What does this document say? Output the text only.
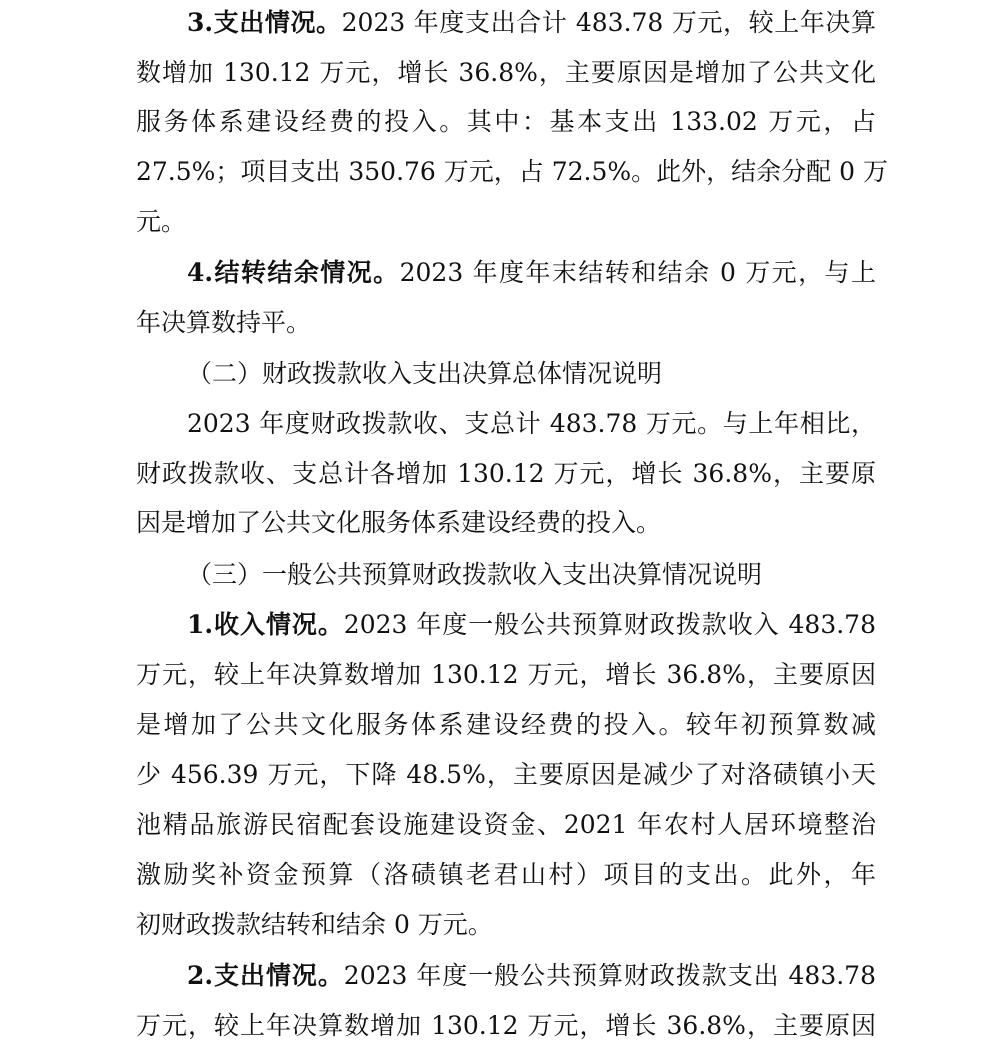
3.支出情况。2023 年度支出合计 483.78 万元，较上年决算
数增加 130.12 万元，增长 36.8%，主要原因是增加了公共文化
服务体系建设经费的投入。其中：基本支出 133.02 万元，占
27.5%；项目支出 350.76 万元，占 72.5%。此外，结余分配 0 万
元。
4.结转结余情况。2023 年度年末结转和结余 0 万元，与上
年决算数持平。
（二）财政拨款收入支出决算总体情况说明
2023 年度财政拨款收、支总计 483.78 万元。与上年相比，
财政拨款收、支总计各增加 130.12 万元，增长 36.8%，主要原
因是增加了公共文化服务体系建设经费的投入。
（三）一般公共预算财政拨款收入支出决算情况说明
1.收入情况。2023 年度一般公共预算财政拨款收入 483.78
万元，较上年决算数增加 130.12 万元，增长 36.8%，主要原因
是增加了公共文化服务体系建设经费的投入。较年初预算数减
少 456.39 万元，下降 48.5%，主要原因是减少了对洛碛镇小天
池精品旅游民宿配套设施建设资金、2021 年农村人居环境整治
激励奖补资金预算（洛碛镇老君山村）项目的支出。此外，年
初财政拨款结转和结余 0 万元。
2.支出情况。2023 年度一般公共预算财政拨款支出 483.78
万元，较上年决算数增加 130.12 万元，增长 36.8%，主要原因
